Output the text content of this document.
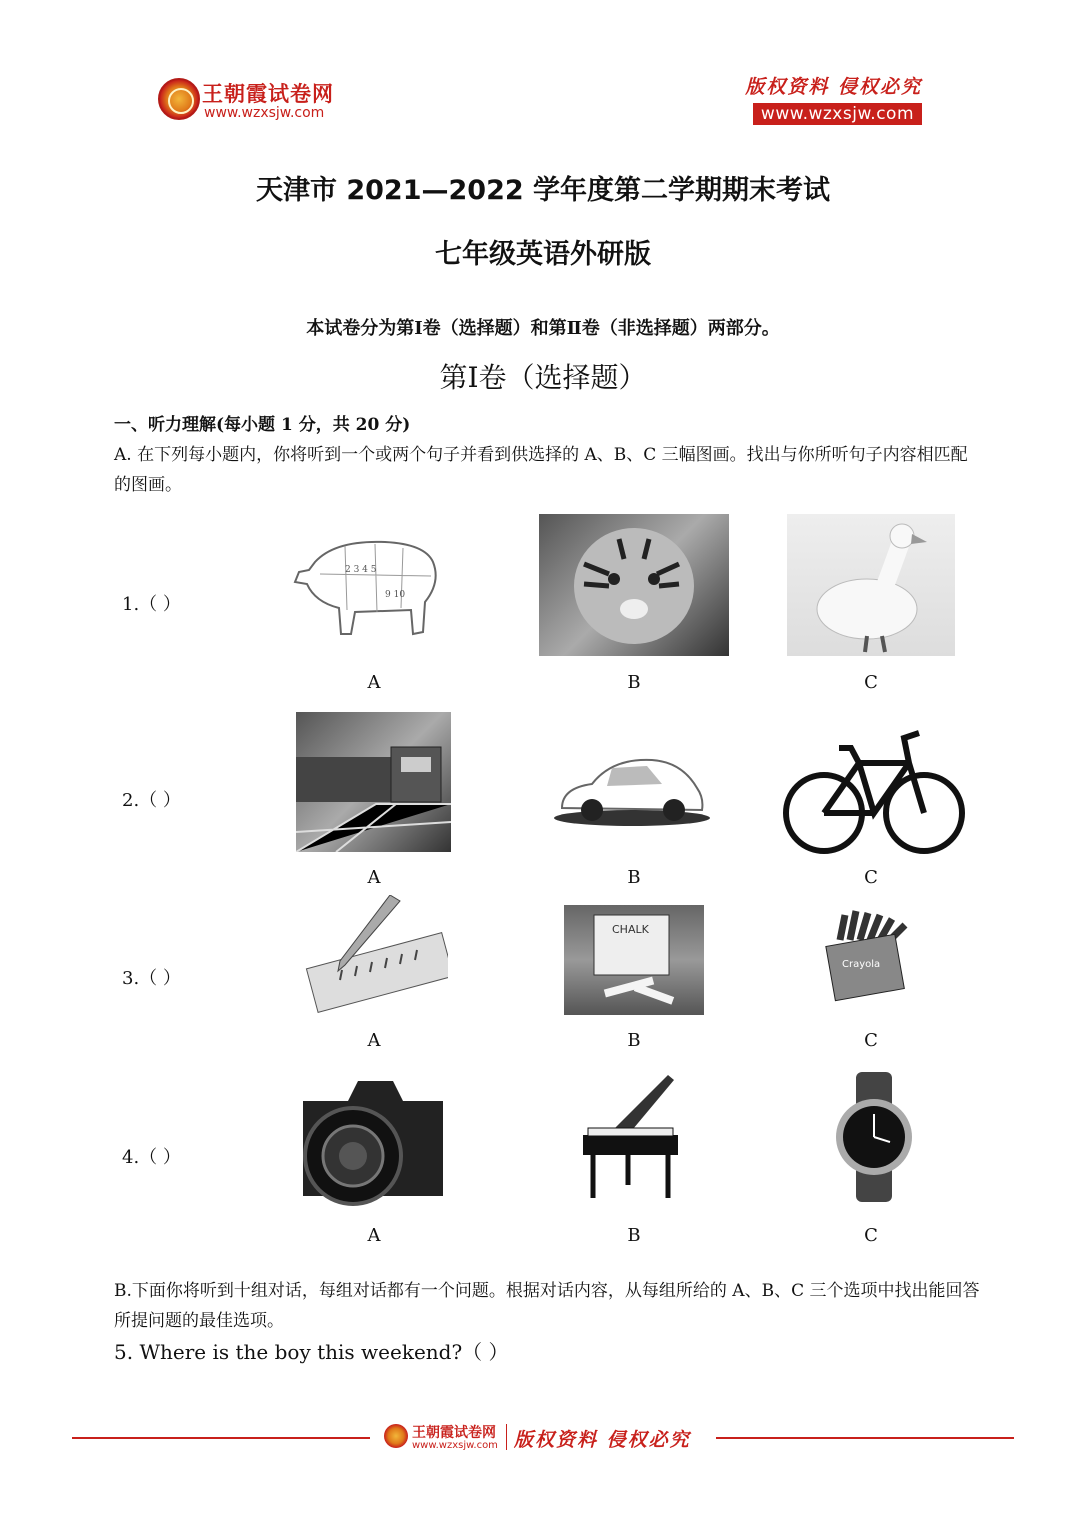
王朝霞试卷网
www.wzxsjw.com
版权资料 侵权必究
www.wzxsjw.com
天津市 2021—2022 学年度第二学期期末考试
七年级英语外研版
本试卷分为第Ⅰ卷（选择题）和第Ⅱ卷（非选择题）两部分。
第Ⅰ卷（选择题）
一、听力理解(每小题 1 分，共 20 分)
A. 在下列每小题内，你将听到一个或两个句子并看到供选择的 A、B、C 三幅图画。找出与你所听句子内容相匹配的图画。
1.（ ）
2 3 4 5
9 10
A	B	C
2.（ ）
A	B	C
3.（ ）
CHALK
Crayola
A	B	C
4.（ ）
A	B	C
B.下面你将听到十组对话，每组对话都有一个问题。根据对话内容，从每组所给的 A、B、C 三个选项中找出能回答所提问题的最佳选项。
5. Where is the boy this weekend?（ ）
王朝霞试卷网
www.wzxsjw.com 版权资料 侵权必究
